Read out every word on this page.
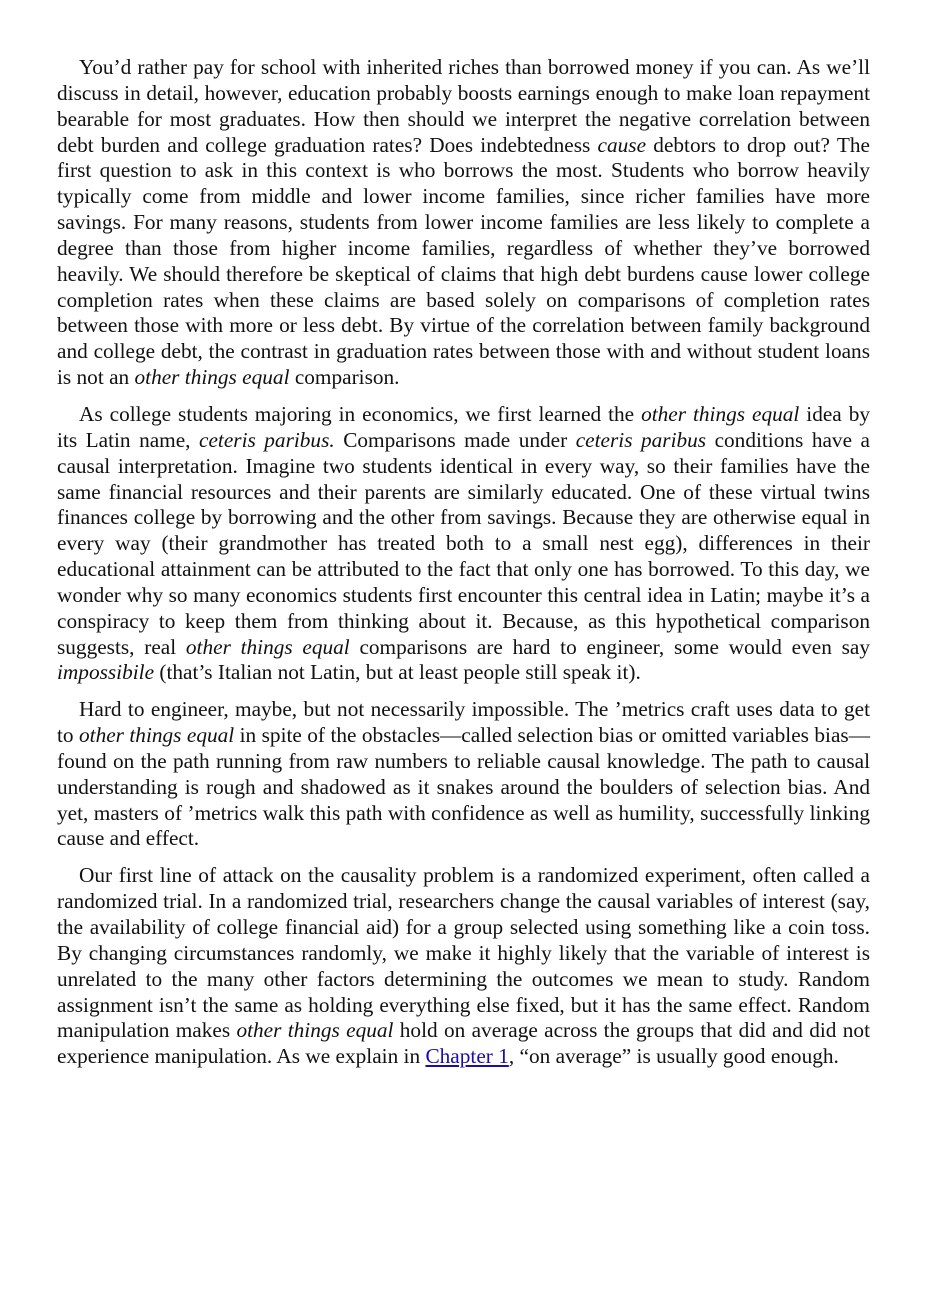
You’d rather pay for school with inherited riches than borrowed money if you can. As we’ll discuss in detail, however, education probably boosts earnings enough to make loan repayment bearable for most graduates. How then should we interpret the negative correlation between debt burden and college graduation rates? Does indebtedness cause debtors to drop out? The first question to ask in this context is who borrows the most. Students who borrow heavily typically come from middle and lower income families, since richer families have more savings. For many reasons, students from lower income families are less likely to complete a degree than those from higher income families, regardless of whether they’ve borrowed heavily. We should therefore be skeptical of claims that high debt burdens cause lower college completion rates when these claims are based solely on comparisons of completion rates between those with more or less debt. By virtue of the correlation between family background and college debt, the contrast in graduation rates between those with and without student loans is not an other things equal comparison.

As college students majoring in economics, we first learned the other things equal idea by its Latin name, ceteris paribus. Comparisons made under ceteris paribus conditions have a causal interpretation. Imagine two students identical in every way, so their families have the same financial resources and their parents are similarly educated. One of these virtual twins finances college by borrowing and the other from savings. Because they are otherwise equal in every way (their grandmother has treated both to a small nest egg), differences in their educational attainment can be attributed to the fact that only one has borrowed. To this day, we wonder why so many economics students first encounter this central idea in Latin; maybe it’s a conspiracy to keep them from thinking about it. Because, as this hypothetical comparison suggests, real other things equal comparisons are hard to engineer, some would even say impossibile (that’s Italian not Latin, but at least people still speak it).

Hard to engineer, maybe, but not necessarily impossible. The ’metrics craft uses data to get to other things equal in spite of the obstacles—called selection bias or omitted variables bias—found on the path running from raw numbers to reliable causal knowledge. The path to causal understanding is rough and shadowed as it snakes around the boulders of selection bias. And yet, masters of ’metrics walk this path with confidence as well as humility, successfully linking cause and effect.

Our first line of attack on the causality problem is a randomized experiment, often called a randomized trial. In a randomized trial, researchers change the causal variables of interest (say, the availability of college financial aid) for a group selected using something like a coin toss. By changing circumstances randomly, we make it highly likely that the variable of interest is unrelated to the many other factors determining the outcomes we mean to study. Random assignment isn’t the same as holding everything else fixed, but it has the same effect. Random manipulation makes other things equal hold on average across the groups that did and did not experience manipulation. As we explain in Chapter 1, “on average” is usually good enough.
